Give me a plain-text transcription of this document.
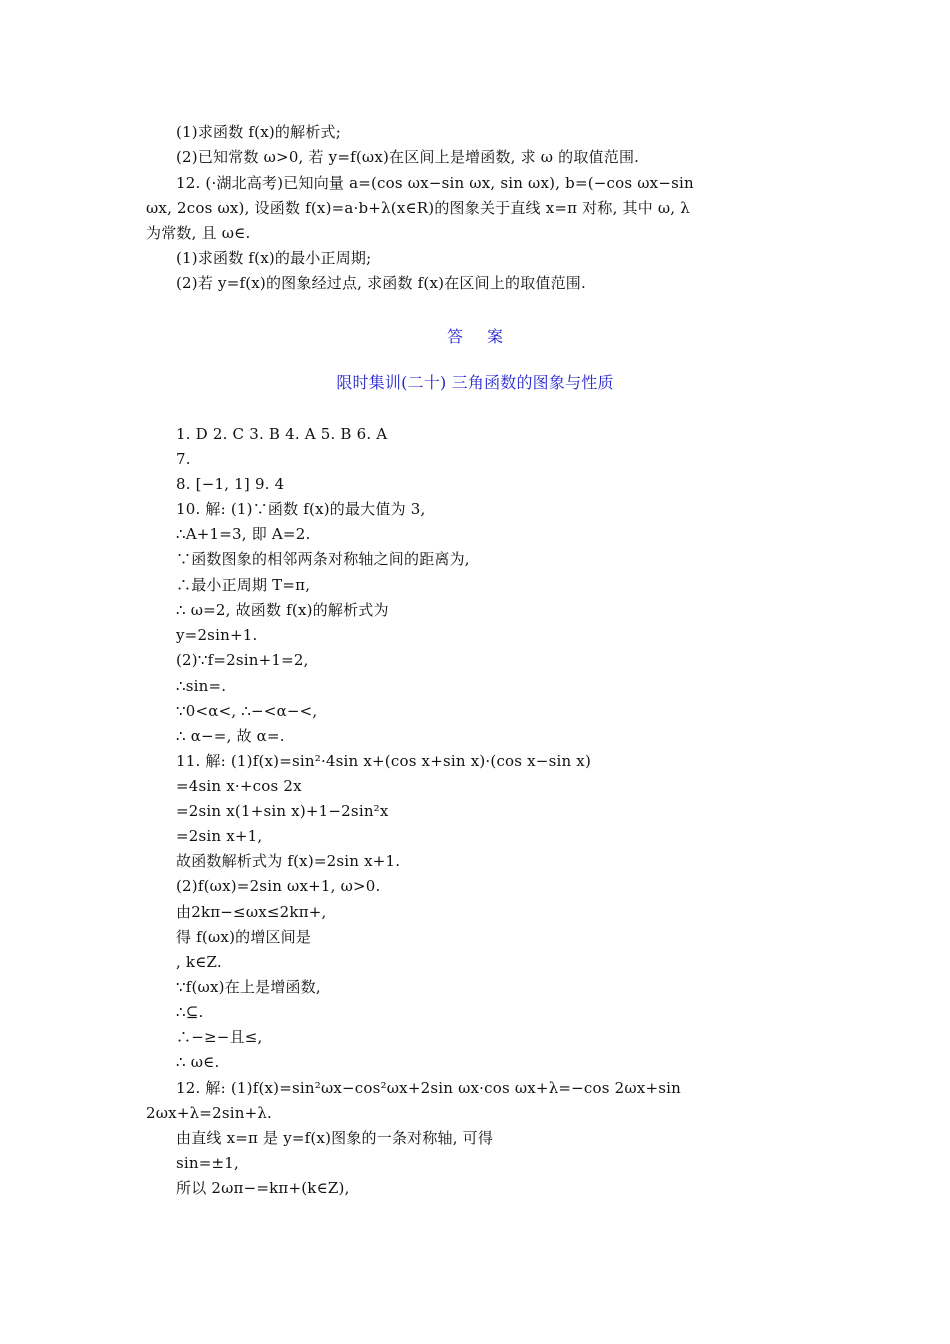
(1)求函数 f(x)的解析式;
(2)已知常数 ω>0, 若 y=f(ωx)在区间上是增函数, 求 ω 的取值范围.
12. (·湖北高考)已知向量 a=(cos ωx−sin ωx, sin ωx), b=(−cos ωx−sin
ωx, 2cos ωx), 设函数 f(x)=a·b+λ(x∈R)的图象关于直线 x=π 对称, 其中 ω, λ
为常数, 且 ω∈.
(1)求函数 f(x)的最小正周期;
(2)若 y=f(x)的图象经过点, 求函数 f(x)在区间上的取值范围.
答案
限时集训(二十) 三角函数的图象与性质
1. D 2. C 3. B 4. A 5. B 6. A
7.
8. [−1, 1] 9. 4
10. 解: (1)∵函数 f(x)的最大值为 3,
∴A+1=3, 即 A=2.
∵函数图象的相邻两条对称轴之间的距离为,
∴最小正周期 T=π,
∴ ω=2, 故函数 f(x)的解析式为
y=2sin+1.
(2)∵f=2sin+1=2,
∴sin=.
∵0<α<, ∴−<α−<,
∴ α−=, 故 α=.
11. 解: (1)f(x)=sin²·4sin x+(cos x+sin x)·(cos x−sin x)
=4sin x·+cos 2x
=2sin x(1+sin x)+1−2sin²x
=2sin x+1,
故函数解析式为 f(x)=2sin x+1.
(2)f(ωx)=2sin ωx+1, ω>0.
由2kπ−≤ωx≤2kπ+,
得 f(ωx)的增区间是
, k∈Z.
∵f(ωx)在上是增函数,
∴⊆.
∴−≥−且≤,
∴ ω∈.
12. 解: (1)f(x)=sin²ωx−cos²ωx+2sin ωx·cos ωx+λ=−cos 2ωx+sin
2ωx+λ=2sin+λ.
由直线 x=π 是 y=f(x)图象的一条对称轴, 可得
sin=±1,
所以 2ωπ−=kπ+(k∈Z),
